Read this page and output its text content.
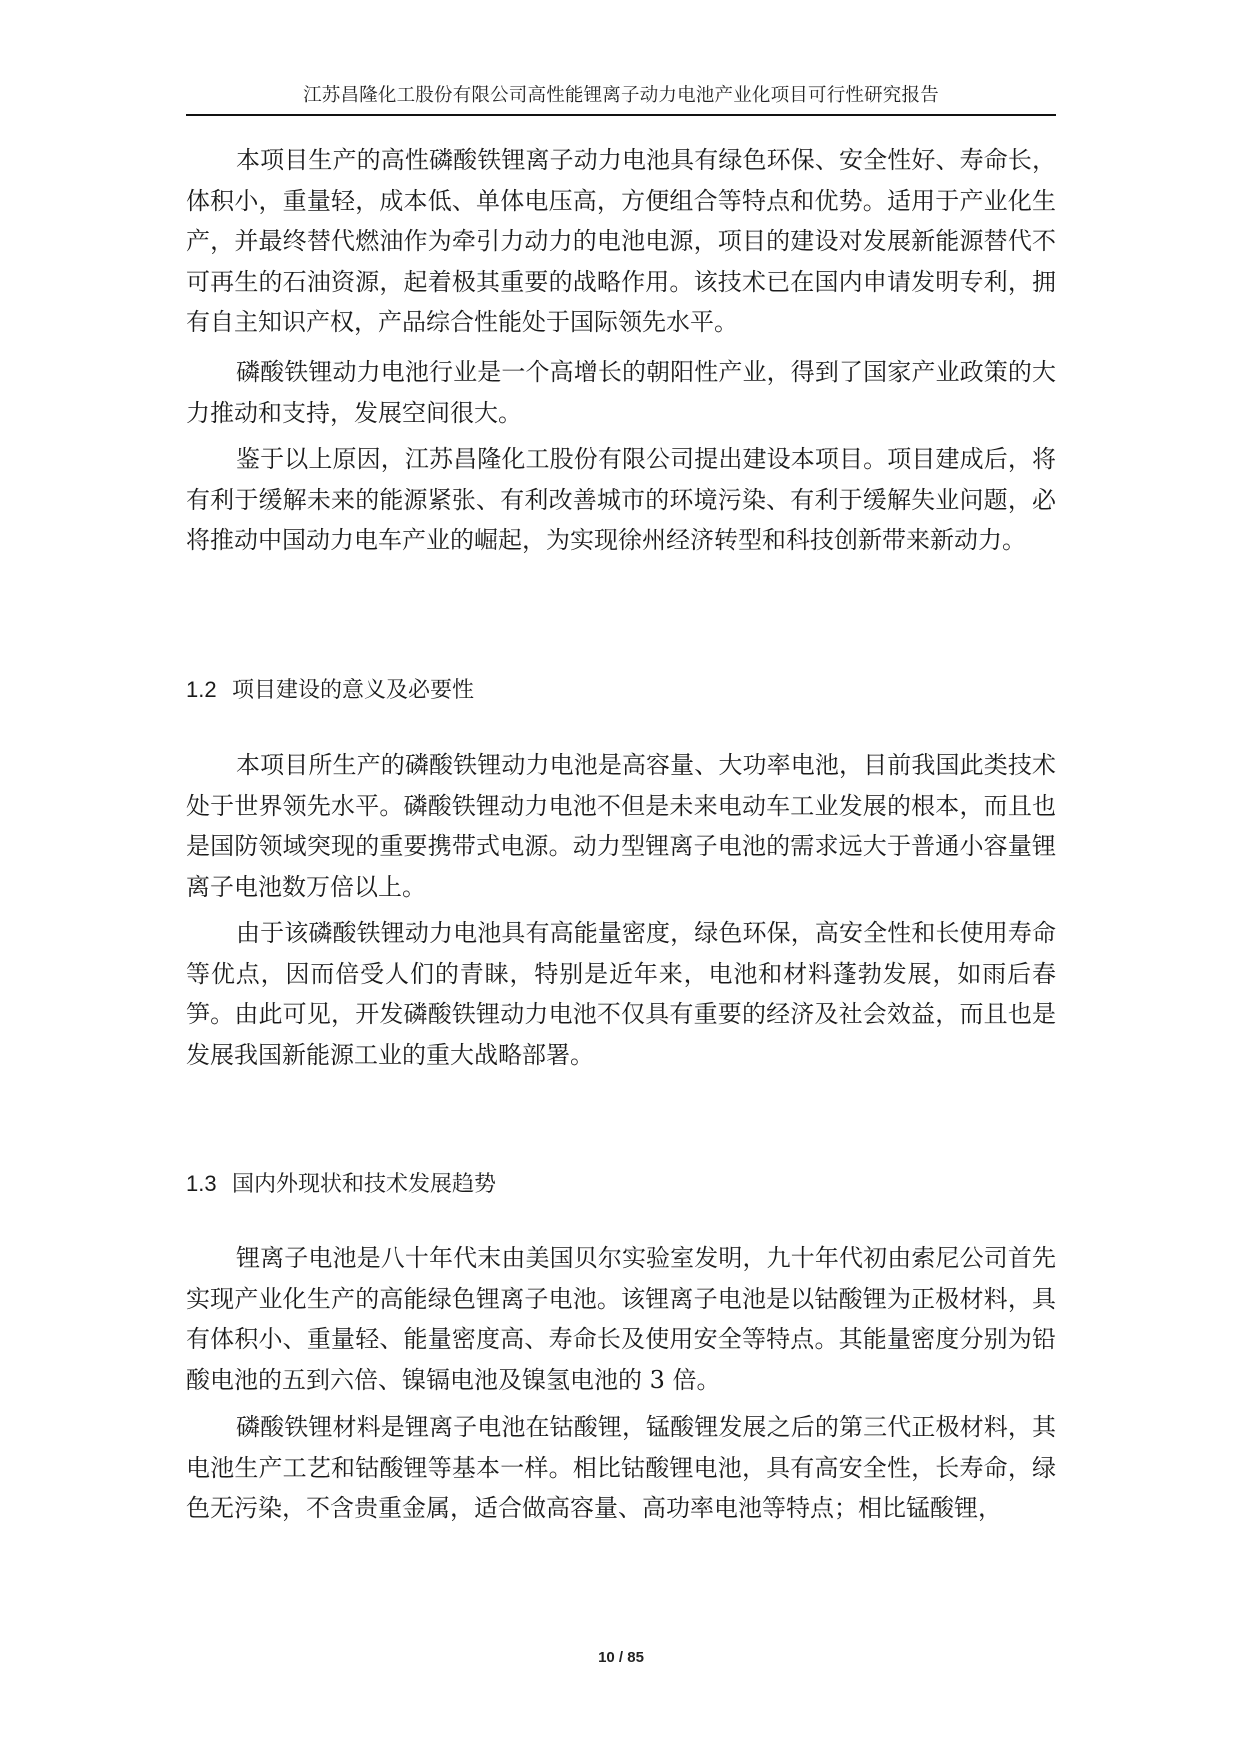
江苏昌隆化工股份有限公司高性能锂离子动力电池产业化项目可行性研究报告
本项目生产的高性磷酸铁锂离子动力电池具有绿色环保、安全性好、寿命长，体积小，重量轻，成本低、单体电压高，方便组合等特点和优势。适用于产业化生产，并最终替代燃油作为牵引力动力的电池电源，项目的建设对发展新能源替代不可再生的石油资源，起着极其重要的战略作用。该技术已在国内申请发明专利，拥有自主知识产权，产品综合性能处于国际领先水平。
磷酸铁锂动力电池行业是一个高增长的朝阳性产业，得到了国家产业政策的大力推动和支持，发展空间很大。
鉴于以上原因，江苏昌隆化工股份有限公司提出建设本项目。项目建成后，将有利于缓解未来的能源紧张、有利改善城市的环境污染、有利于缓解失业问题，必将推动中国动力电车产业的崛起，为实现徐州经济转型和科技创新带来新动力。
1.2 项目建设的意义及必要性
本项目所生产的磷酸铁锂动力电池是高容量、大功率电池，目前我国此类技术处于世界领先水平。磷酸铁锂动力电池不但是未来电动车工业发展的根本，而且也是国防领域突现的重要携带式电源。动力型锂离子电池的需求远大于普通小容量锂离子电池数万倍以上。
由于该磷酸铁锂动力电池具有高能量密度，绿色环保，高安全性和长使用寿命等优点，因而倍受人们的青睐，特别是近年来，电池和材料蓬勃发展，如雨后春笋。由此可见，开发磷酸铁锂动力电池不仅具有重要的经济及社会效益，而且也是发展我国新能源工业的重大战略部署。
1.3 国内外现状和技术发展趋势
锂离子电池是八十年代末由美国贝尔实验室发明，九十年代初由索尼公司首先实现产业化生产的高能绿色锂离子电池。该锂离子电池是以钴酸锂为正极材料，具有体积小、重量轻、能量密度高、寿命长及使用安全等特点。其能量密度分别为铅酸电池的五到六倍、镍镉电池及镍氢电池的 3 倍。
磷酸铁锂材料是锂离子电池在钴酸锂，锰酸锂发展之后的第三代正极材料，其电池生产工艺和钴酸锂等基本一样。相比钴酸锂电池，具有高安全性，长寿命，绿色无污染，不含贵重金属，适合做高容量、高功率电池等特点；相比锰酸锂，
10 / 85
